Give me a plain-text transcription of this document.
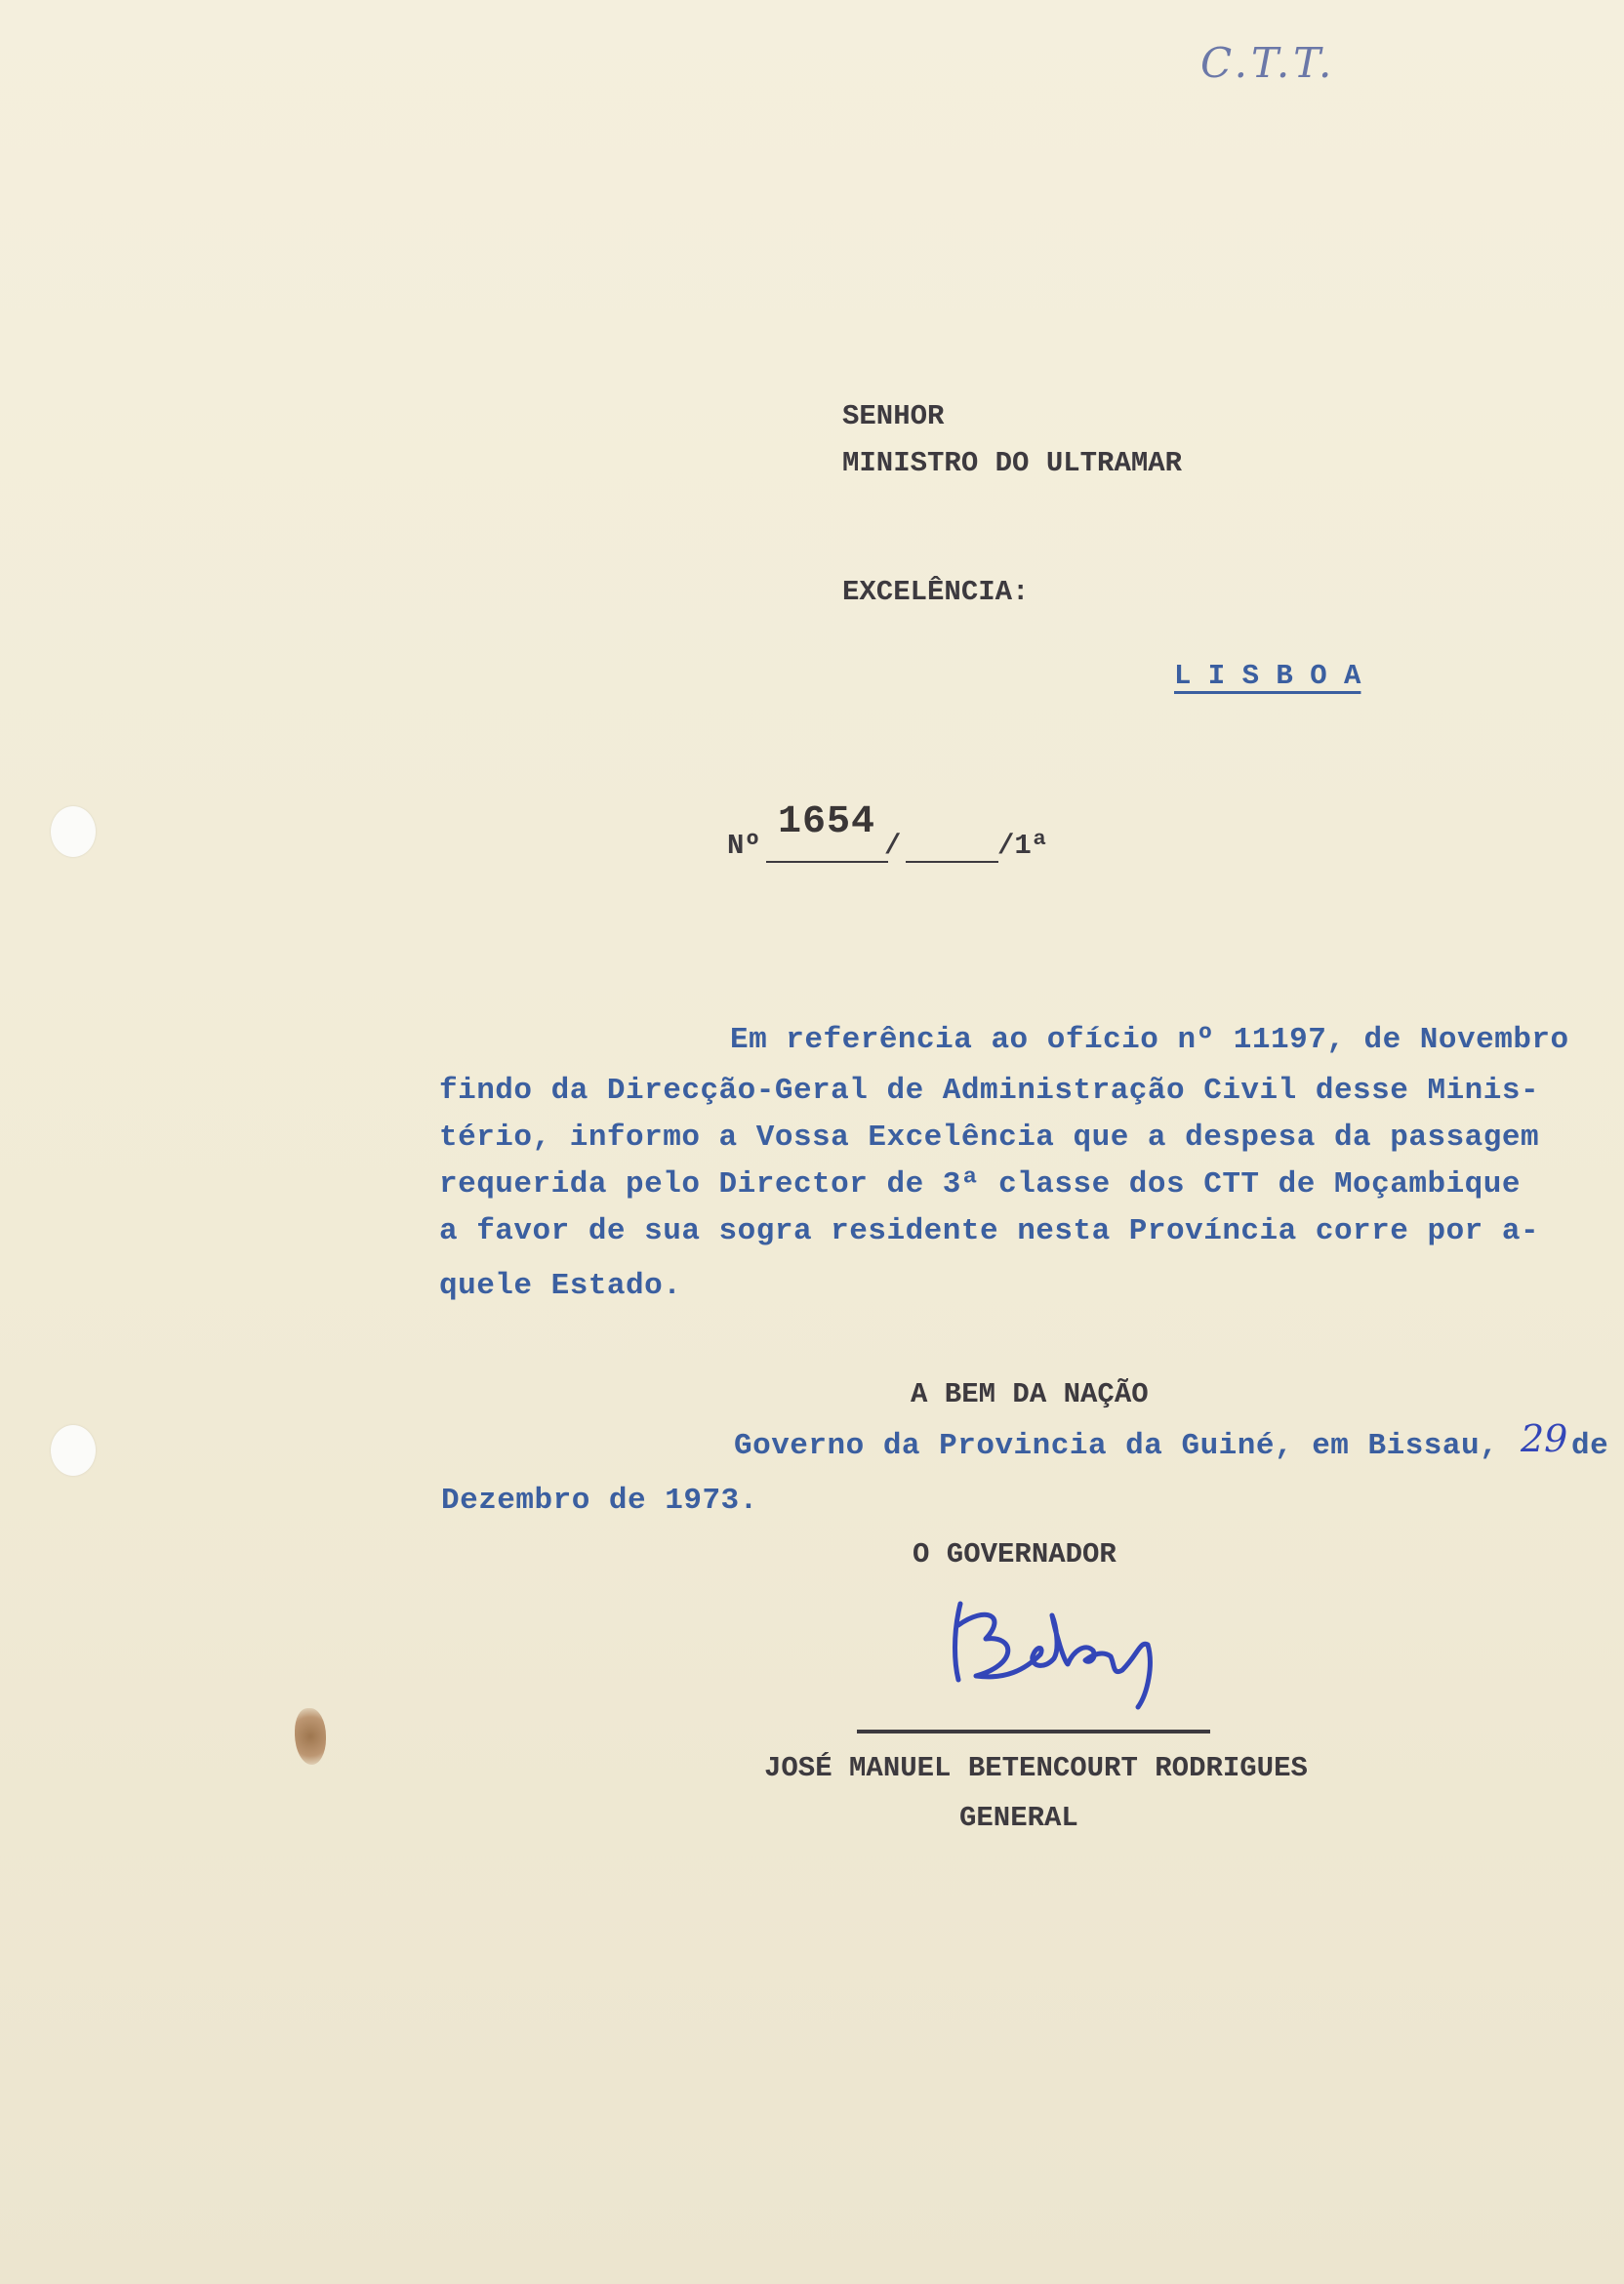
C.T.T.
SENHOR
MINISTRO DO ULTRAMAR
EXCELÊNCIA:
L I S B O A
Nº
1654
/	/1ª
Em referência ao ofício nº 11197, de Novembro
findo da Direcção-Geral de Administração Civil desse Minis-
tério, informo a Vossa Excelência que a despesa da passagem
requerida pelo Director de 3ª classe dos CTT de Moçambique
a favor de sua sogra residente nesta Província corre por a-
quele Estado.
A BEM DA NAÇÃO
Governo da Provincia da Guiné, em Bissau, 29 de
Dezembro de 1973.
O GOVERNADOR
JOSÉ MANUEL BETENCOURT RODRIGUES
GENERAL
